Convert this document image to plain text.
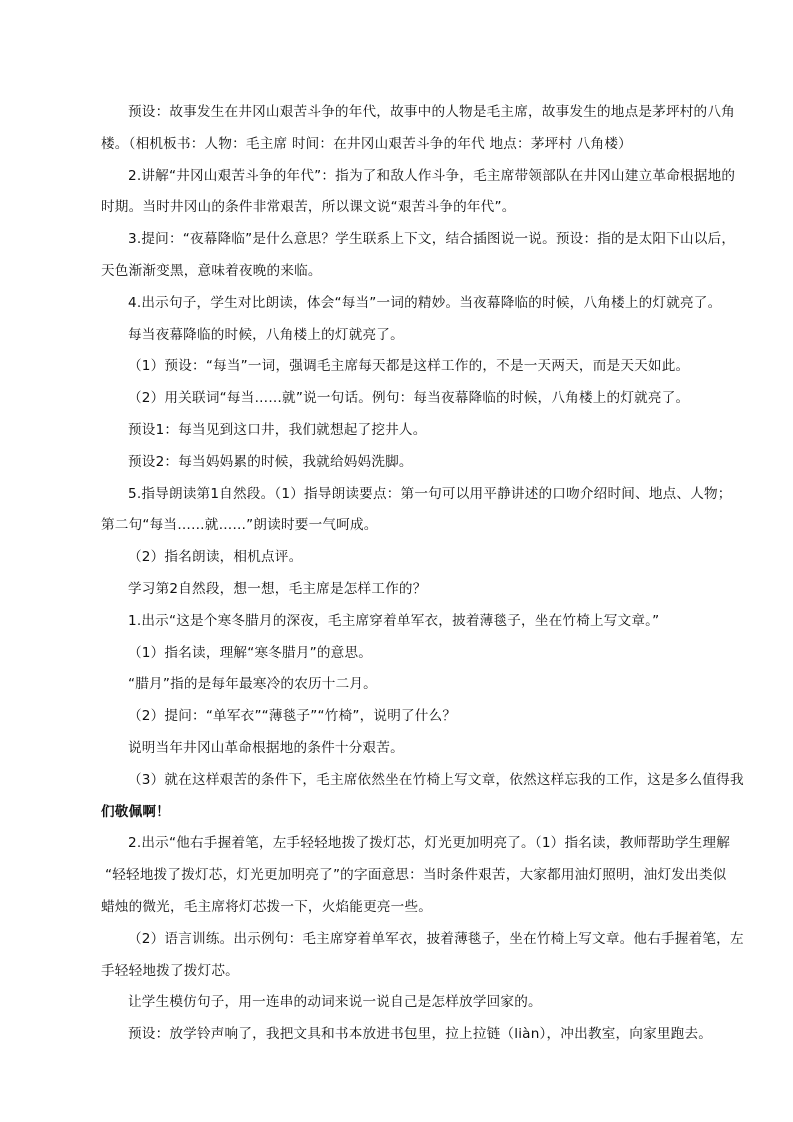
预设：故事发生在井冈山艰苦斗争的年代，故事中的人物是毛主席，故事发生的地点是茅坪村的八角

楼。（相机板书：人物：毛主席 时间：在井冈山艰苦斗争的年代 地点：茅坪村 八角楼）

2.讲解“井冈山艰苦斗争的年代”：指为了和敌人作斗争，毛主席带领部队在井冈山建立革命根据地的

时期。当时井冈山的条件非常艰苦，所以课文说“艰苦斗争的年代”。

3.提问：“夜幕降临”是什么意思？学生联系上下文，结合插图说一说。预设：指的是太阳下山以后，

天色渐渐变黑，意味着夜晚的来临。

4.出示句子，学生对比朗读，体会“每当”一词的精妙。当夜幕降临的时候，八角楼上的灯就亮了。

每当夜幕降临的时候，八角楼上的灯就亮了。

（1）预设：“每当”一词，强调毛主席每天都是这样工作的，不是一天两天，而是天天如此。

（2）用关联词“每当……就”说一句话。例句：每当夜幕降临的时候，八角楼上的灯就亮了。

预设1：每当见到这口井，我们就想起了挖井人。

预设2：每当妈妈累的时候，我就给妈妈洗脚。

5.指导朗读第1自然段。（1）指导朗读要点：第一句可以用平静讲述的口吻介绍时间、地点、人物；

第二句“每当……就……”朗读时要一气呵成。

（2）指名朗读，相机点评。

学习第2自然段，想一想，毛主席是怎样工作的？

1.出示“这是个寒冬腊月的深夜，毛主席穿着单军衣，披着薄毯子，坐在竹椅上写文章。”

（1）指名读，理解“寒冬腊月”的意思。

“腊月”指的是每年最寒冷的农历十二月。

（2）提问：“单军衣”“薄毯子”“竹椅”，说明了什么？

说明当年井冈山革命根据地的条件十分艰苦。

（3）就在这样艰苦的条件下，毛主席依然坐在竹椅上写文章，依然这样忘我的工作，这是多么值得我

们敬佩啊！

2.出示“他右手握着笔，左手轻轻地拨了拨灯芯，灯光更加明亮了。（1）指名读，教师帮助学生理解

“轻轻地拨了拨灯芯，灯光更加明亮了”的字面意思：当时条件艰苦，大家都用油灯照明，油灯发出类似

蜡烛的微光，毛主席将灯芯拨一下，火焰能更亮一些。

（2）语言训练。出示例句：毛主席穿着单军衣，披着薄毯子，坐在竹椅上写文章。他右手握着笔，左

手轻轻地拨了拨灯芯。

让学生模仿句子，用一连串的动词来说一说自己是怎样放学回家的。

预设：放学铃声响了，我把文具和书本放进书包里，拉上拉链（liàn），冲出教室，向家里跑去。
